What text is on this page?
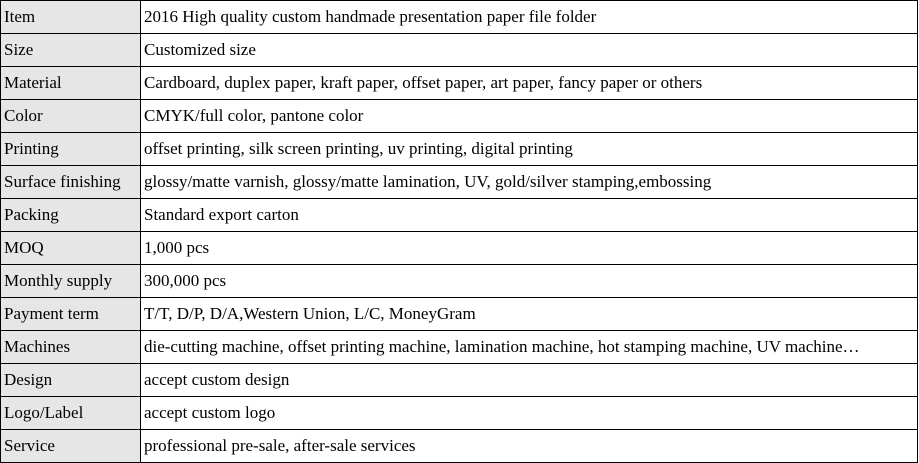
Item	2016 High quality custom handmade presentation paper file folder
Size	Customized size
Material	Cardboard, duplex paper, kraft paper, offset paper, art paper, fancy paper or others
Color	CMYK/full color, pantone color
Printing	offset printing, silk screen printing, uv printing, digital printing
Surface finishing	glossy/matte varnish, glossy/matte lamination, UV, gold/silver stamping,embossing
Packing	Standard export carton
MOQ	1,000 pcs
Monthly supply	300,000 pcs
Payment term	T/T, D/P, D/A,Western Union, L/C, MoneyGram
Machines	die-cutting machine, offset printing machine, lamination machine, hot stamping machine, UV machine…
Design	accept custom design
Logo/Label	accept custom logo
Service	professional pre-sale, after-sale services
